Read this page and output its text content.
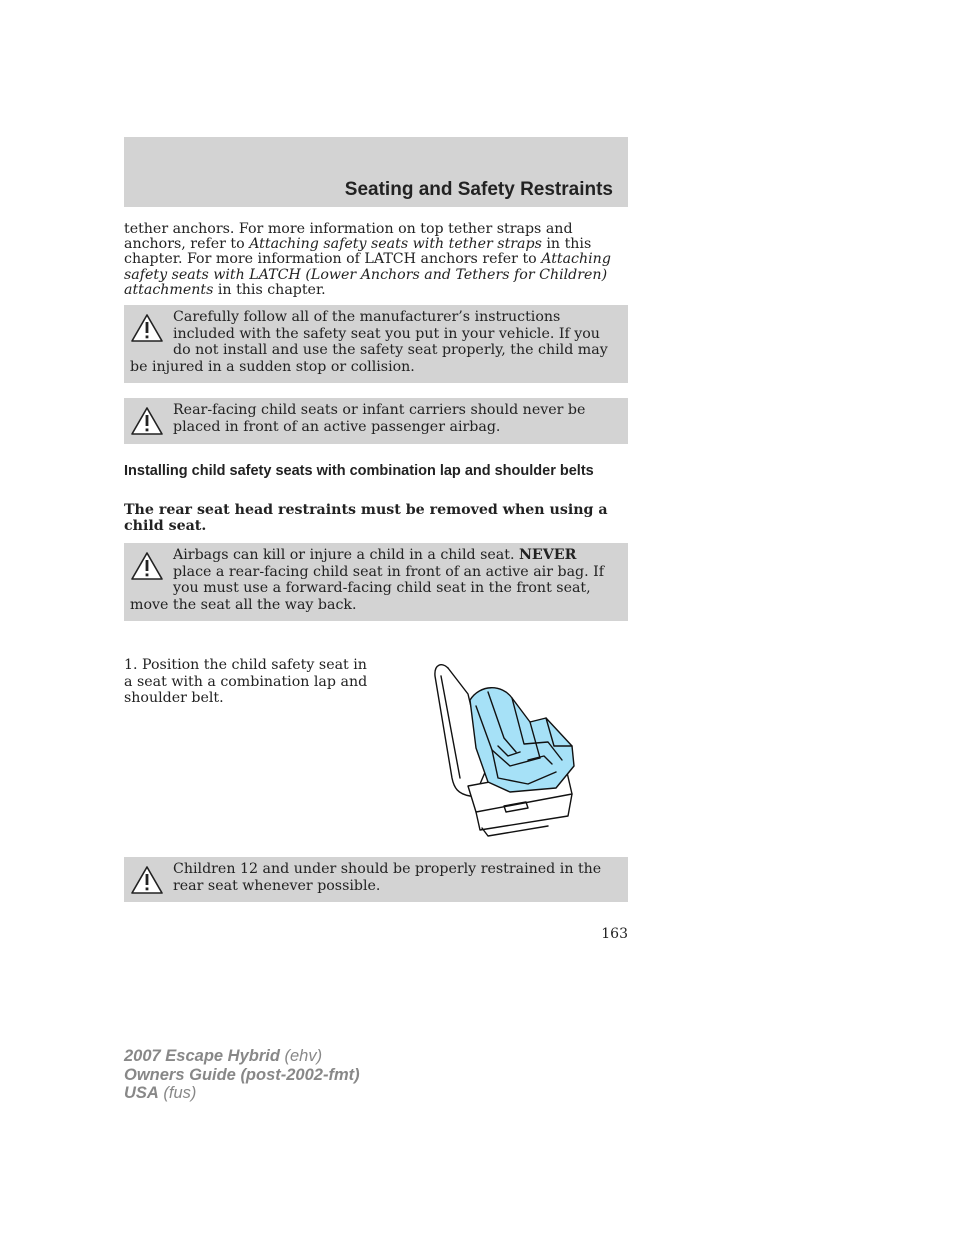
Seating and Safety Restraints

tether anchors. For more information on top tether straps and anchors, refer to Attaching safety seats with tether straps in this chapter. For more information of LATCH anchors refer to Attaching safety seats with LATCH (Lower Anchors and Tethers for Children) attachments in this chapter.

Carefully follow all of the manufacturer’s instructions included with the safety seat you put in your vehicle. If you do not install and use the safety seat properly, the child may be injured in a sudden stop or collision.

Rear-facing child seats or infant carriers should never be placed in front of an active passenger airbag.

Installing child safety seats with combination lap and shoulder belts

The rear seat head restraints must be removed when using a child seat.

Airbags can kill or injure a child in a child seat. NEVER place a rear-facing child seat in front of an active air bag. If you must use a forward-facing child seat in the front seat, move the seat all the way back.

1. Position the child safety seat in a seat with a combination lap and shoulder belt.

Children 12 and under should be properly restrained in the rear seat whenever possible.

163

2007 Escape Hybrid (ehv)
Owners Guide (post-2002-fmt)
USA (fus)
